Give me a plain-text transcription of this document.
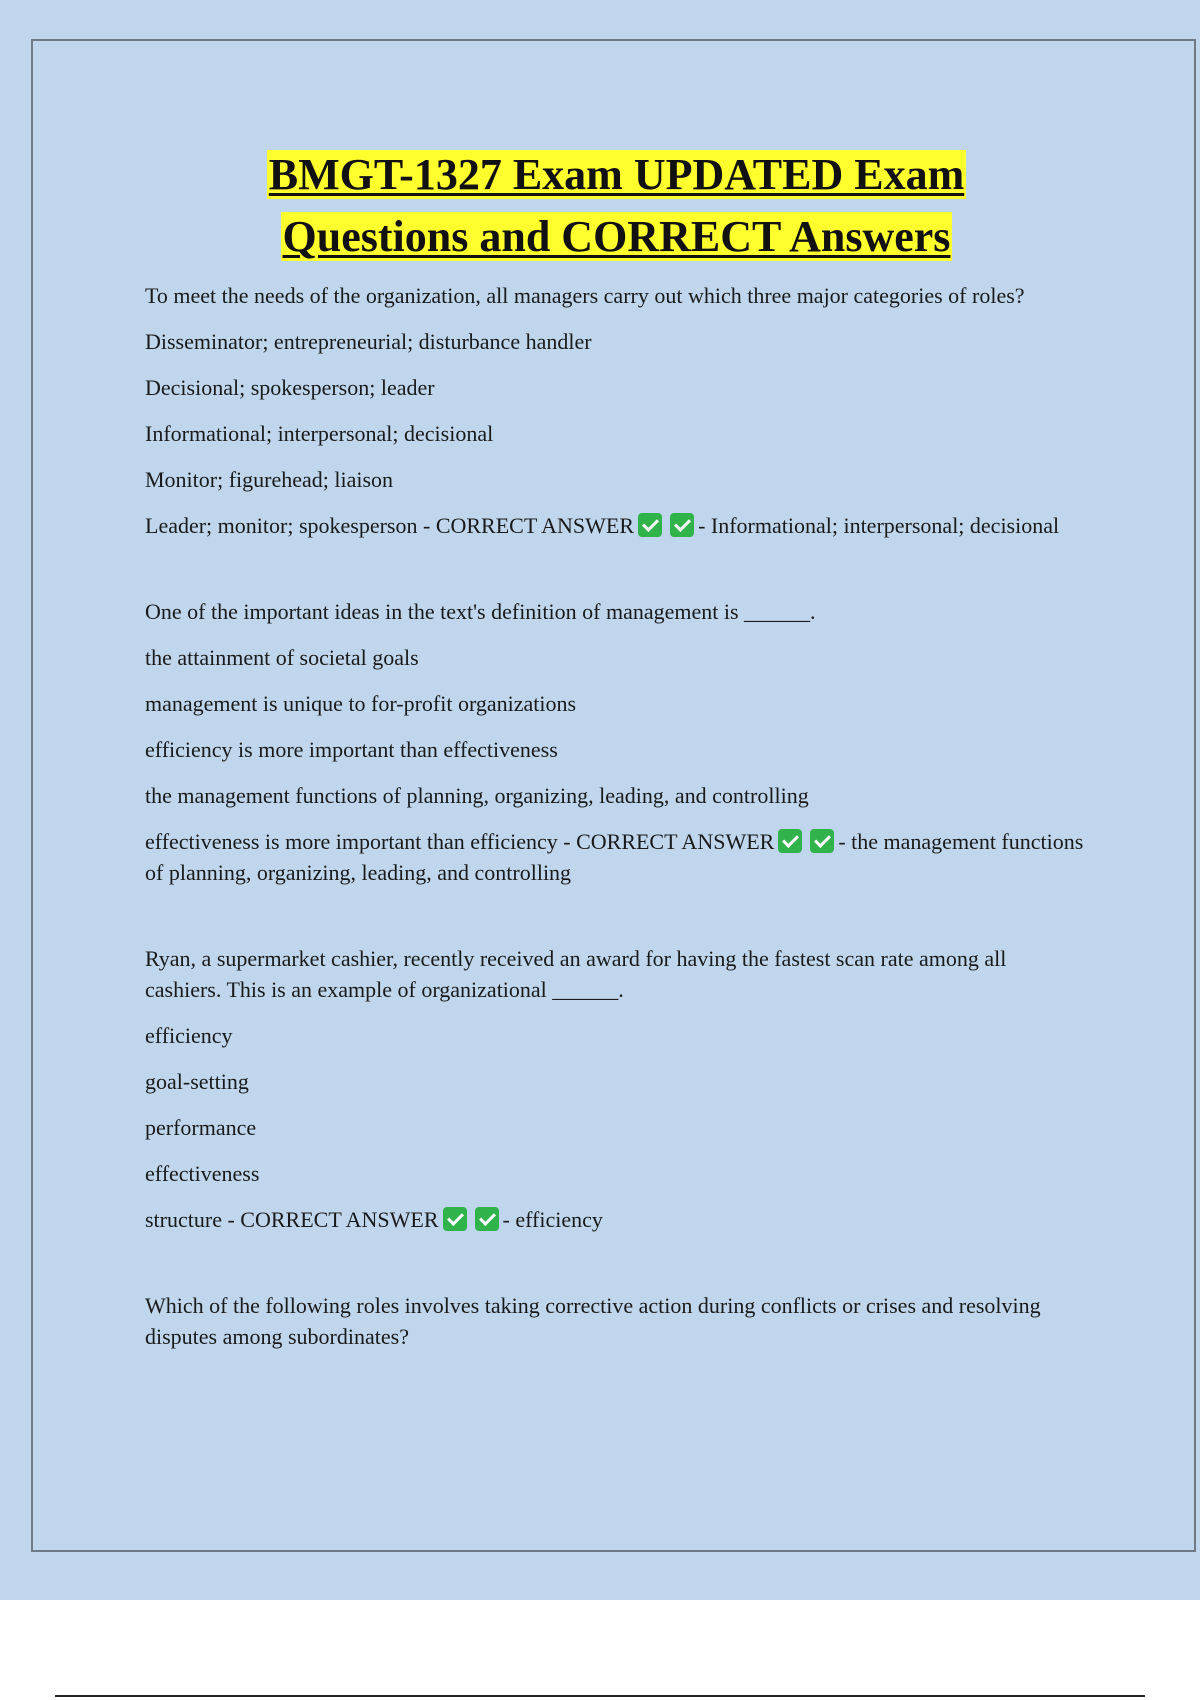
BMGT-1327 Exam UPDATED Exam
Questions and CORRECT Answers
To meet the needs of the organization, all managers carry out which three major categories of roles?
Disseminator; entrepreneurial; disturbance handler
Decisional; spokesperson; leader
Informational; interpersonal; decisional
Monitor; figurehead; liaison
Leader; monitor; spokesperson - CORRECT ANSWER	- Informational; interpersonal; decisional
One of the important ideas in the text's definition of management is ______.
the attainment of societal goals
management is unique to for-profit organizations
efficiency is more important than effectiveness
the management functions of planning, organizing, leading, and controlling
effectiveness is more important than efficiency - CORRECT ANSWER	- the management functions of planning, organizing, leading, and controlling
Ryan, a supermarket cashier, recently received an award for having the fastest scan rate among all cashiers. This is an example of organizational ______.
efficiency
goal-setting
performance
effectiveness
structure - CORRECT ANSWER	- efficiency
Which of the following roles involves taking corrective action during conflicts or crises and resolving disputes among subordinates?
